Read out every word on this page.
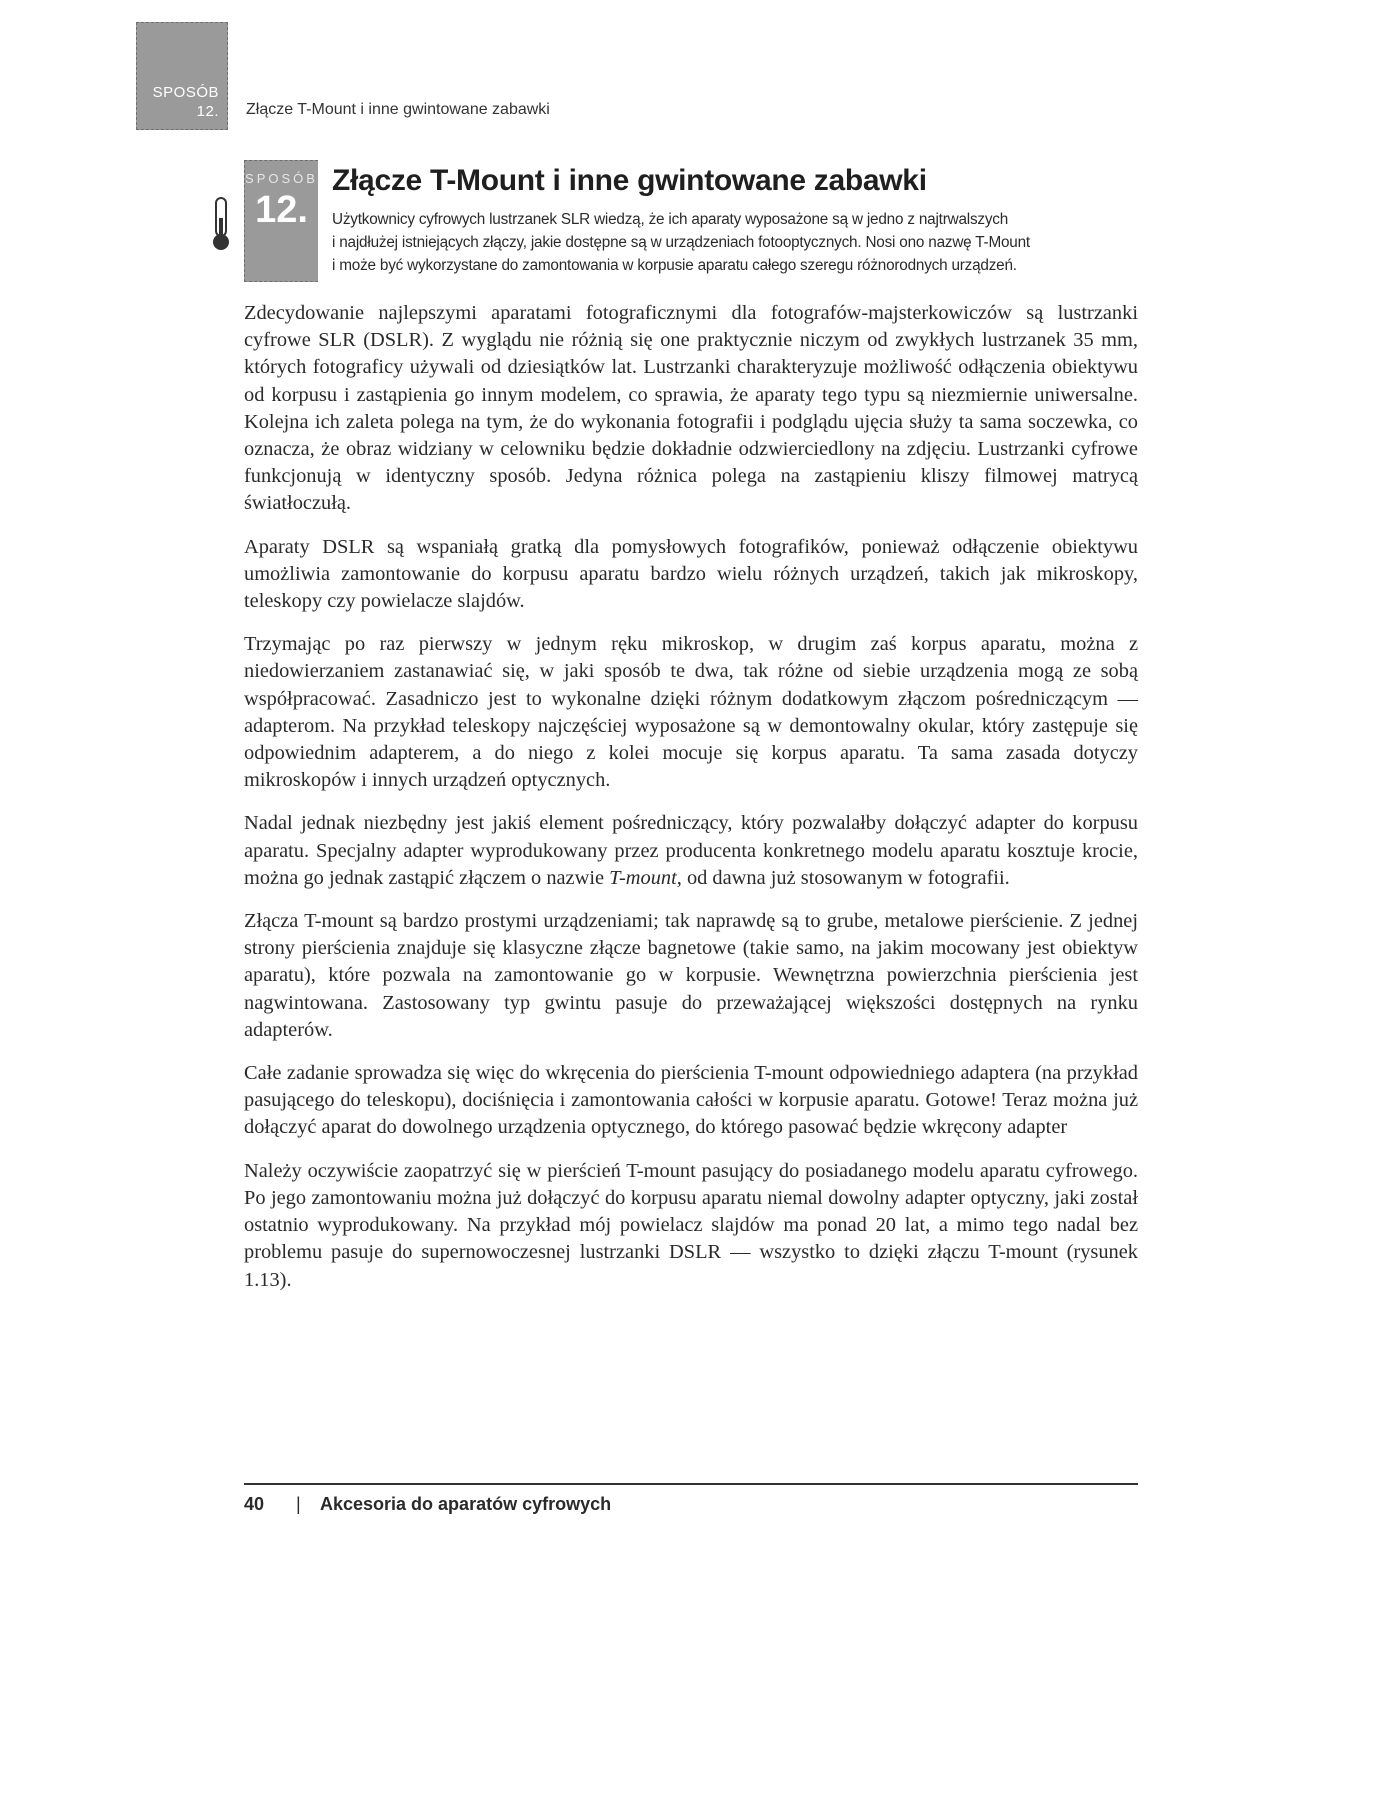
SPOSÓB
12. Złącze T-Mount i inne gwintowane zabawki
SPOSÓB
12.
Złącze T-Mount i inne gwintowane zabawki
Użytkownicy cyfrowych lustrzanek SLR wiedzą, że ich aparaty wyposażone są w jedno z najtrwalszych
i najdłużej istniejących złączy, jakie dostępne są w urządzeniach fotooptycznych. Nosi ono nazwę T-Mount
i może być wykorzystane do zamontowania w korpusie aparatu całego szeregu różnorodnych urządzeń.

Zdecydowanie najlepszymi aparatami fotograficznymi dla fotografów-majsterkowiczów są lustrzanki cyfrowe SLR (DSLR). Z wyglądu nie różnią się one praktycznie niczym od zwykłych lustrzanek 35 mm, których fotograficy używali od dziesiątków lat. Lustrzanki charakteryzuje możliwość odłączenia obiektywu od korpusu i zastąpienia go innym modelem, co sprawia, że aparaty tego typu są niezmiernie uniwersalne. Kolejna ich zaleta polega na tym, że do wykonania fotografii i podglądu ujęcia służy ta sama soczewka, co oznacza, że obraz widziany w celowniku będzie dokładnie odzwierciedlony na zdjęciu. Lustrzanki cyfrowe funkcjonują w identyczny sposób. Jedyna różnica polega na zastąpieniu kliszy filmowej matrycą światłoczułą.

Aparaty DSLR są wspaniałą gratką dla pomysłowych fotografików, ponieważ odłączenie obiektywu umożliwia zamontowanie do korpusu aparatu bardzo wielu różnych urządzeń, takich jak mikroskopy, teleskopy czy powielacze slajdów.

Trzymając po raz pierwszy w jednym ręku mikroskop, w drugim zaś korpus aparatu, można z niedowierzaniem zastanawiać się, w jaki sposób te dwa, tak różne od siebie urządzenia mogą ze sobą współpracować. Zasadniczo jest to wykonalne dzięki różnym dodatkowym złączom pośredniczącym — adapterom. Na przykład teleskopy najczęściej wyposażone są w demontowalny okular, który zastępuje się odpowiednim adapterem, a do niego z kolei mocuje się korpus aparatu. Ta sama zasada dotyczy mikroskopów i innych urządzeń optycznych.

Nadal jednak niezbędny jest jakiś element pośredniczący, który pozwalałby dołączyć adapter do korpusu aparatu. Specjalny adapter wyprodukowany przez producenta konkretnego modelu aparatu kosztuje krocie, można go jednak zastąpić złączem o nazwie T-mount, od dawna już stosowanym w fotografii.

Złącza T-mount są bardzo prostymi urządzeniami; tak naprawdę są to grube, metalowe pierścienie. Z jednej strony pierścienia znajduje się klasyczne złącze bagnetowe (takie samo, na jakim mocowany jest obiektyw aparatu), które pozwala na zamontowanie go w korpusie. Wewnętrzna powierzchnia pierścienia jest nagwintowana. Zastosowany typ gwintu pasuje do przeważającej większości dostępnych na rynku adapterów.

Całe zadanie sprowadza się więc do wkręcenia do pierścienia T-mount odpowiedniego adaptera (na przykład pasującego do teleskopu), dociśnięcia i zamontowania całości w korpusie aparatu. Gotowe! Teraz można już dołączyć aparat do dowolnego urządzenia optycznego, do którego pasować będzie wkręcony adapter

Należy oczywiście zaopatrzyć się w pierścień T-mount pasujący do posiadanego modelu aparatu cyfrowego. Po jego zamontowaniu można już dołączyć do korpusu aparatu niemal dowolny adapter optyczny, jaki został ostatnio wyprodukowany. Na przykład mój powielacz slajdów ma ponad 20 lat, a mimo tego nadal bez problemu pasuje do supernowoczesnej lustrzanki DSLR — wszystko to dzięki złączu T-mount (rysunek 1.13).

40 | Akcesoria do aparatów cyfrowych
